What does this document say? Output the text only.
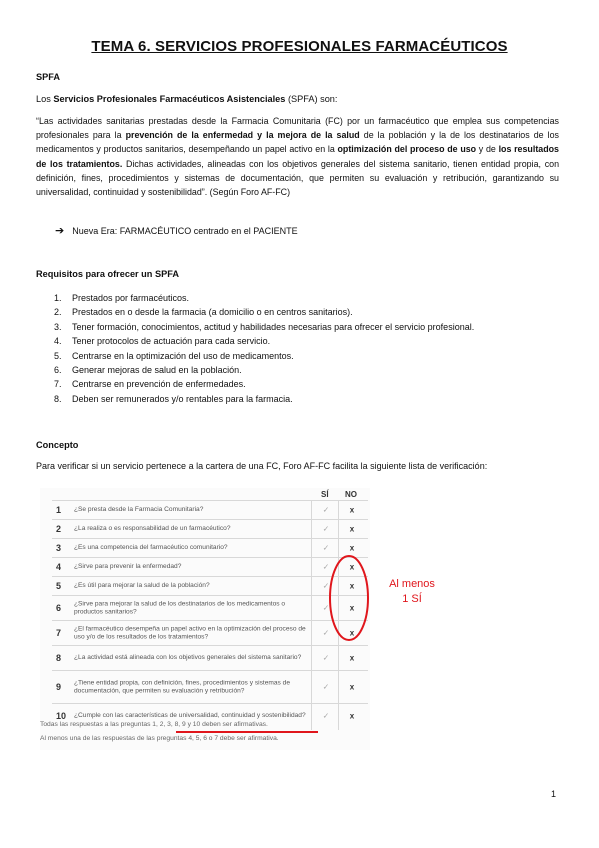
TEMA 6. SERVICIOS PROFESIONALES FARMACÉUTICOS
SPFA
Los Servicios Profesionales Farmacéuticos Asistenciales (SPFA) son:
“Las actividades sanitarias prestadas desde la Farmacia Comunitaria (FC) por un farmacéutico que emplea sus competencias profesionales para la prevención de la enfermedad y la mejora de la salud de la población y la de los destinatarios de los medicamentos y productos sanitarios, desempeñando un papel activo en la optimización del proceso de uso y de los resultados de los tratamientos. Dichas actividades, alineadas con los objetivos generales del sistema sanitario, tienen entidad propia, con definición, fines, procedimientos y sistemas de documentación, que permiten su evaluación y retribución, garantizando su universalidad, continuidad y sostenibilidad”. (Según Foro AF-FC)
➔ Nueva Era: FARMACÉUTICO centrado en el PACIENTE
Requisitos para ofrecer un SPFA
1.	Prestados por farmacéuticos.
2.	Prestados en o desde la farmacia (a domicilio o en centros sanitarios).
3.	Tener formación, conocimientos, actitud y habilidades necesarias para ofrecer el servicio profesional.
4.	Tener protocolos de actuación para cada servicio.
5.	Centrarse en la optimización del uso de medicamentos.
6.	Generar mejoras de salud en la población.
7.	Centrarse en prevención de enfermedades.
8.	Deben ser remunerados y/o rentables para la farmacia.
Concepto
Para verificar si un servicio pertenece a la cartera de una FC, Foro AF-FC facilita la siguiente lista de verificación:
SÍ NO
1 ¿Se presta desde la Farmacia Comunitaria?	✓	x
2 ¿La realiza o es responsabilidad de un farmacéutico?	✓	x
3 ¿Es una competencia del farmacéutico comunitario?	✓	x
4 ¿Sirve para prevenir la enfermedad?	✓	x
5 ¿Es útil para mejorar la salud de la población?	✓	x
6 ¿Sirve para mejorar la salud de los destinatarios de los medicamentos o productos sanitarios?	✓	x
7 ¿El farmacéutico desempeña un papel activo en la optimización del proceso de uso y/o de los resultados de los tratamientos?	✓	x
8 ¿La actividad está alineada con los objetivos generales del sistema sanitario?	✓	x
9 ¿Tiene entidad propia, con definición, fines, procedimientos y sistemas de documentación, que permiten su evaluación y retribución?	✓	x
10 ¿Cumple con las características de universalidad, continuidad y sostenibilidad?	✓	x
Todas las respuestas a las preguntas 1, 2, 3, 8, 9 y 10 deben ser afirmativas.
Al menos una de las respuestas de las preguntas 4, 5, 6 o 7 debe ser afirmativa.
Al menos
1 SÍ
1
